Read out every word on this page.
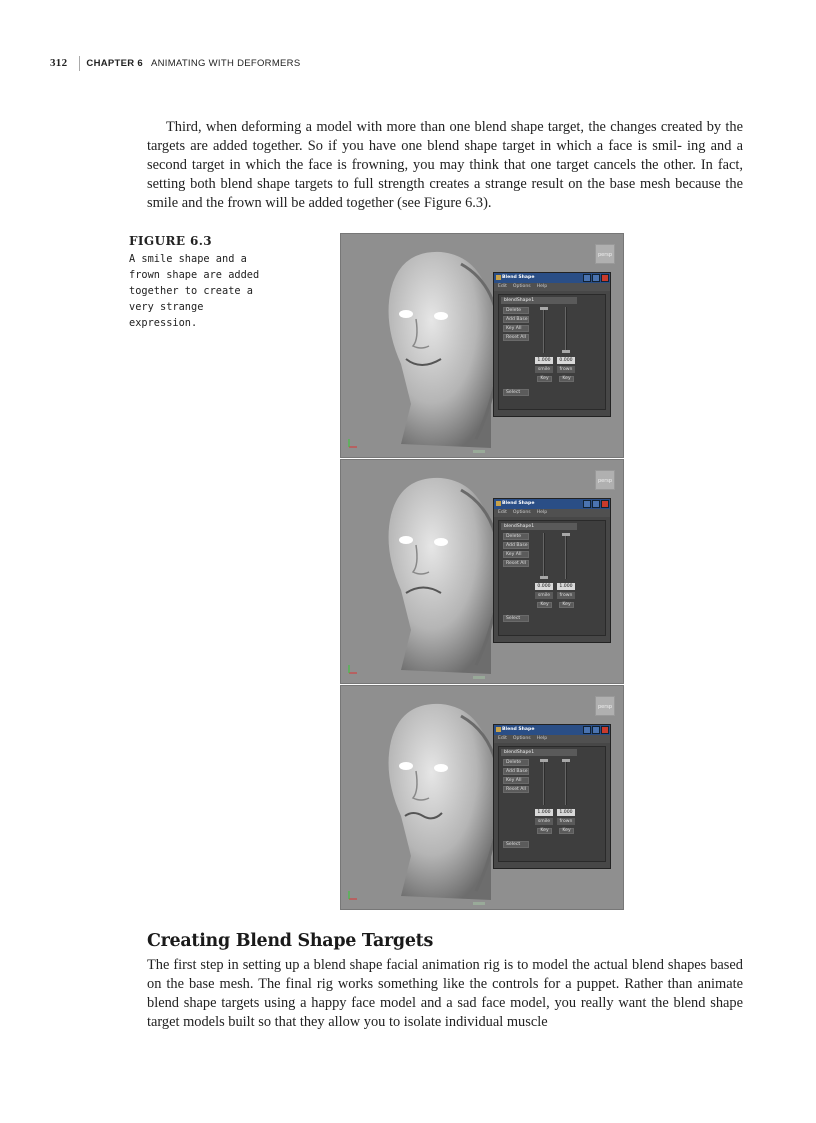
312 CHAPTER 6 ANIMATING WITH DEFORMERS

Third, when deforming a model with more than one blend shape target, the changes created by the targets are added together. So if you have one blend shape target in which a face is smil- ing and a second target in which the face is frowning, you may think that one target cancels the other. In fact, setting both blend shape targets to full strength creates a strange result on the base mesh because the smile and the frown will be added together (see Figure 6.3).

FIGURE 6.3
A smile shape and a frown shape are added together to create a very strange expression.
persp
Blend Shape
Edit Options Help
blendShape1
Delete
Add Base
Key All
Reset All
1.000	0.000
smile	frown
Key	Key
Select
persp
Blend Shape
Edit Options Help
blendShape1
Delete
Add Base
Key All
Reset All
0.000	1.000
smile	frown
Key	Key
Select
persp
Blend Shape
Edit Options Help
blendShape1
Delete
Add Base
Key All
Reset All
1.000	1.000
smile	frown
Key	Key
Select
Creating Blend Shape Targets

The first step in setting up a blend shape facial animation rig is to model the actual blend shapes based on the base mesh. The final rig works something like the controls for a puppet. Rather than animate blend shape targets using a happy face model and a sad face model, you really want the blend shape target models built so that they allow you to isolate individual muscle
